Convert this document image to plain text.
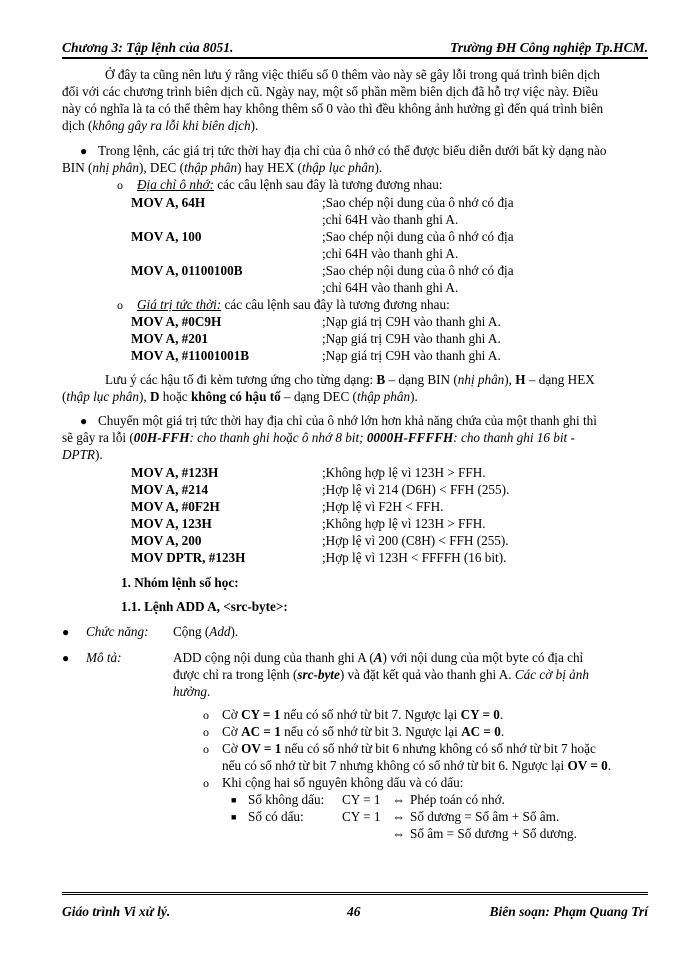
Chương 3: Tập lệnh của 8051.	Trường ĐH Công nghiệp Tp.HCM.
Ở đây ta cũng nên lưu ý rằng việc thiếu số 0 thêm vào này sẽ gây lỗi trong quá trình biên dịch
đối với các chương trình biên dịch cũ. Ngày nay, một số phần mềm biên dịch đã hỗ trợ việc này. Điều
này có nghĩa là ta có thể thêm hay không thêm số 0 vào thì đều không ảnh hưởng gì đến quá trình biên
dịch (không gây ra lỗi khi biên dịch).
● Trong lệnh, các giá trị tức thời hay địa chỉ của ô nhớ có thể được biểu diễn dưới bất kỳ dạng nào
BIN (nhị phân), DEC (thập phân) hay HEX (thập lục phân).
o Địa chỉ ô nhớ: các câu lệnh sau đây là tương đương nhau:
MOV A, 64H	;Sao chép nội dung của ô nhớ có địa
;chỉ 64H vào thanh ghi A.
MOV A, 100	;Sao chép nội dung của ô nhớ có địa
;chỉ 64H vào thanh ghi A.
MOV A, 01100100B	;Sao chép nội dung của ô nhớ có địa
;chỉ 64H vào thanh ghi A.
o Giá trị tức thời: các câu lệnh sau đây là tương đương nhau:
MOV A, #0C9H	;Nạp giá trị C9H vào thanh ghi A.
MOV A, #201	;Nạp giá trị C9H vào thanh ghi A.
MOV A, #11001001B	;Nạp giá trị C9H vào thanh ghi A.
Lưu ý các hậu tố đi kèm tương ứng cho từng dạng: B – dạng BIN (nhị phân), H – dạng HEX
(thập lục phân), D hoặc không có hậu tố – dạng DEC (thập phân).
● Chuyển một giá trị tức thời hay địa chỉ của ô nhớ lớn hơn khả năng chứa của một thanh ghi thì
sẽ gây ra lỗi (00H-FFH: cho thanh ghi hoặc ô nhớ 8 bit; 0000H-FFFFH: cho thanh ghi 16 bit -
DPTR).
MOV A, #123H	;Không hợp lệ vì 123H > FFH.
MOV A, #214	;Hợp lệ vì 214 (D6H) < FFH (255).
MOV A, #0F2H	;Hợp lệ vì F2H < FFH.
MOV A, 123H	;Không hợp lệ vì 123H > FFH.
MOV A, 200	;Hợp lệ vì 200 (C8H) < FFH (255).
MOV DPTR, #123H	;Hợp lệ vì 123H < FFFFH (16 bit).
1. Nhóm lệnh số học:
1.1. Lệnh ADD A, <src-byte>:
● Chức năng: Cộng (Add).
● Mô tả:	ADD cộng nội dung của thanh ghi A (A) với nội dung của một byte có địa chỉ
được chỉ ra trong lệnh (src-byte) và đặt kết quả vào thanh ghi A. Các cờ bị ảnh
hưởng.
o Cờ CY = 1 nếu có số nhớ từ bit 7. Ngược lại CY = 0.
o Cờ AC = 1 nếu có số nhớ từ bit 3. Ngược lại AC = 0.
o Cờ OV = 1 nếu có số nhớ từ bit 6 nhưng không có số nhớ từ bit 7 hoặc
nếu có số nhớ từ bit 7 nhưng không có số nhớ từ bit 6. Ngược lại OV = 0.
o Khi cộng hai số nguyên không dấu và có dấu:
■ Số không dấu: CY = 1 ⇔ Phép toán có nhớ.
■ Số có dấu:	CY = 1 ⇔ Số dương = Số âm + Số âm.
⇔ Số âm = Số dương + Số dương.
Giáo trình Vi xử lý.	46	Biên soạn: Phạm Quang Trí
